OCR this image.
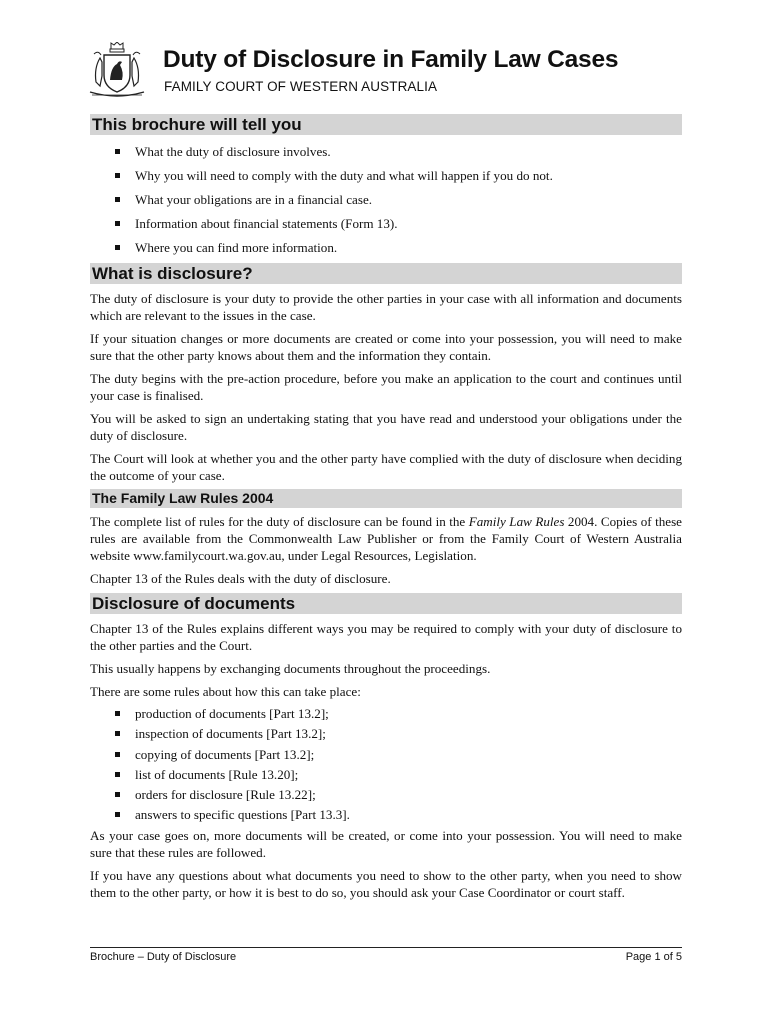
Duty of Disclosure in Family Law Cases
FAMILY COURT OF WESTERN AUSTRALIA
This brochure will tell you
What the duty of disclosure involves.
Why you will need to comply with the duty and what will happen if you do not.
What your obligations are in a financial case.
Information about financial statements (Form 13).
Where you can find more information.
What is disclosure?

The duty of disclosure is your duty to provide the other parties in your case with all information and documents which are relevant to the issues in the case.

If your situation changes or more documents are created or come into your possession, you will need to make sure that the other party knows about them and the information they contain.

The duty begins with the pre-action procedure, before you make an application to the court and continues until your case is finalised.

You will be asked to sign an undertaking stating that you have read and understood your obligations under the duty of disclosure.

The Court will look at whether you and the other party have complied with the duty of disclosure when deciding the outcome of your case.

The Family Law Rules 2004

The complete list of rules for the duty of disclosure can be found in the Family Law Rules 2004. Copies of these rules are available from the Commonwealth Law Publisher or from the Family Court of Western Australia website www.familycourt.wa.gov.au, under Legal Resources, Legislation.

Chapter 13 of the Rules deals with the duty of disclosure.

Disclosure of documents

Chapter 13 of the Rules explains different ways you may be required to comply with your duty of disclosure to the other parties and the Court.

This usually happens by exchanging documents throughout the proceedings.

There are some rules about how this can take place:

production of documents [Part 13.2];
inspection of documents [Part 13.2];
copying of documents [Part 13.2];
list of documents [Rule 13.20];
orders for disclosure [Rule 13.22];
answers to specific questions [Part 13.3].

As your case goes on, more documents will be created, or come into your possession. You will need to make sure that these rules are followed.

If you have any questions about what documents you need to show to the other party, when you need to show them to the other party, or how it is best to do so, you should ask your Case Coordinator or court staff.

Brochure – Duty of Disclosure	Page 1 of 5
